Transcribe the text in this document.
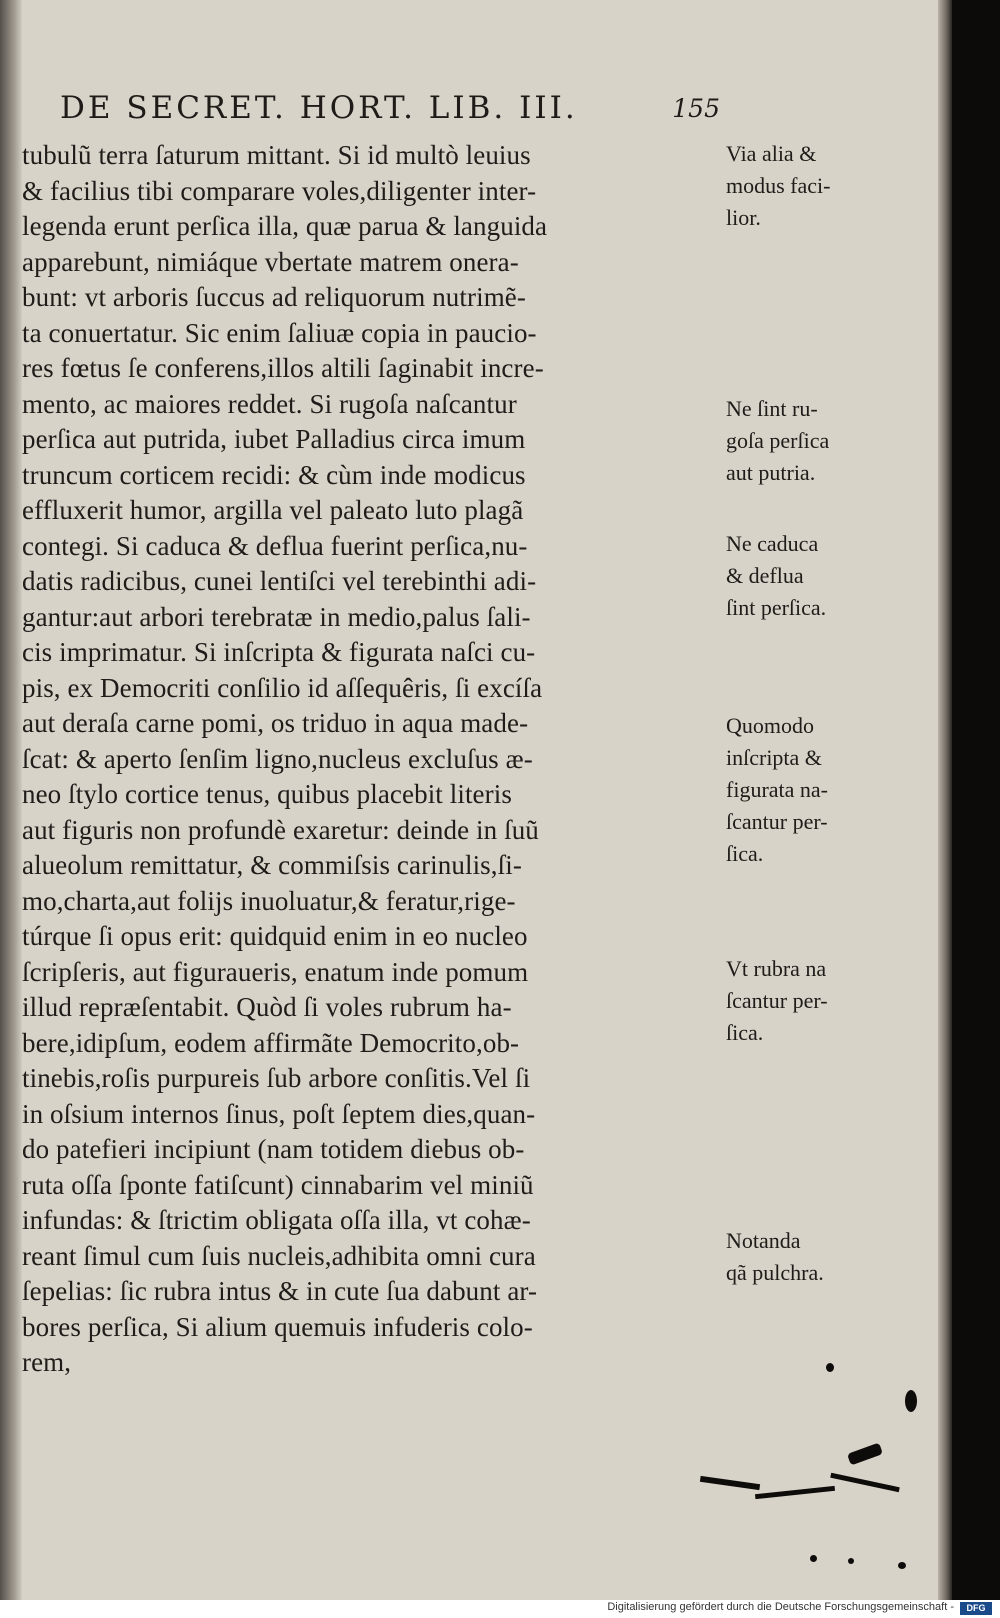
DE SECRET. HORT. LIB. III.	155
tubulũ terra ſaturum mittant. Si id multò leuius
& facilius tibi comparare voles,diligenter inter-
legenda erunt perſica illa, quæ parua & languida
apparebunt, nimiáque vbertate matrem onera-
bunt: vt arboris ſuccus ad reliquorum nutrimẽ-
ta conuertatur. Sic enim ſaliuæ copia in paucio-
res fœtus ſe conferens,illos altili ſaginabit incre-
mento, ac maiores reddet. Si rugoſa naſcantur
perſica aut putrida, iubet Palladius circa imum
truncum corticem recidi: & cùm inde modicus
effluxerit humor, argilla vel paleato luto plagã
contegi. Si caduca & deflua fuerint perſica,nu-
datis radicibus, cunei lentiſci vel terebinthi adi-
gantur:aut arbori terebratæ in medio,palus ſali-
cis imprimatur. Si inſcripta & figurata naſci cu-
pis, ex Democriti conſilio id aſſequêris, ſi excíſa
aut deraſa carne pomi, os triduo in aqua made-
ſcat: & aperto ſenſim ligno,nucleus excluſus æ-
neo ſtylo cortice tenus, quibus placebit literis
aut figuris non profundè exaretur: deinde in ſuũ
alueolum remittatur, & commiſsis carinulis,ſi-
mo,charta,aut folijs inuoluatur,& feratur,rige-
túrque ſi opus erit: quidquid enim in eo nucleo
ſcripſeris, aut figuraueris, enatum inde pomum
illud repræſentabit. Quòd ſi voles rubrum ha-
bere,idipſum, eodem affirmãte Democrito,ob-
tinebis,roſis purpureis ſub arbore conſitis.Vel ſi
in oſsium internos ſinus, poſt ſeptem dies,quan-
do patefieri incipiunt (nam totidem diebus ob-
ruta oſſa ſponte fatiſcunt) cinnabarim vel miniũ
infundas: & ſtrictim obligata oſſa illa, vt cohæ-
reant ſimul cum ſuis nucleis,adhibita omni cura
ſepelias: ſic rubra intus & in cute ſua dabunt ar-
bores perſica, Si alium quemuis infuderis colo-
rem,
Via alia &
modus faci-
lior.
Ne ſint ru-
goſa perſica
aut putria.
Ne caduca
& deflua
ſint perſica.
Quomodo
inſcripta &
figurata na-
ſcantur per-
ſica.
Vt rubra na
ſcantur per-
ſica.
Notanda
qã pulchra.
Digitalisierung gefördert durch die Deutsche Forschungsgemeinschaft -	DFG
